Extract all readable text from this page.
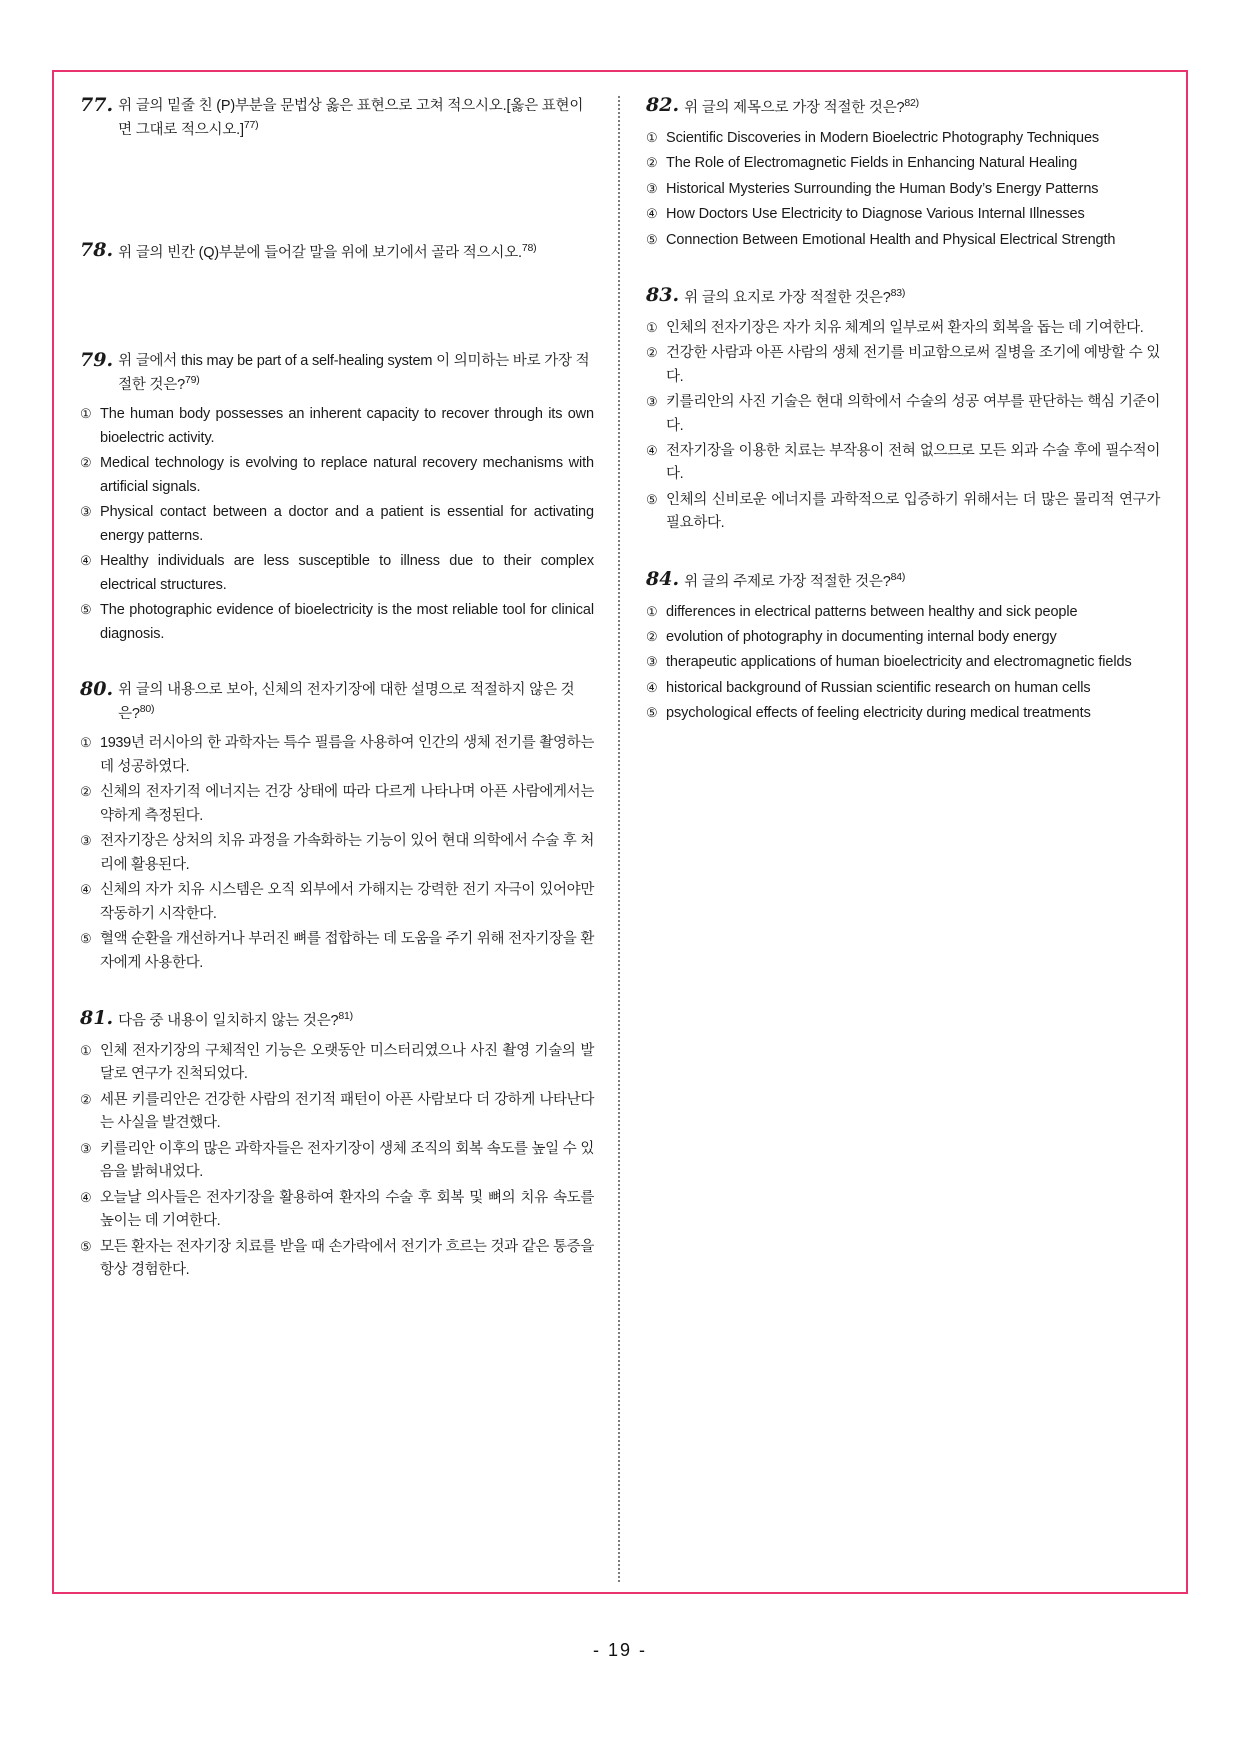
77. 위 글의 밑줄 친 (P)부분을 문법상 옳은 표현으로 고쳐 적으시오.[옳은 표현이면 그대로 적으시오.]$^{77)}$
78. 위 글의 빈칸 (Q)부분에 들어갈 말을 위에 보기에서 골라 적으시오.$^{78)}$
79. 위 글에서 this may be part of a self-healing system 이 의미하는 바로 가장 적절한 것은?$^{79)}$
① The human body possesses an inherent capacity to recover through its own bioelectric activity.
② Medical technology is evolving to replace natural recovery mechanisms with artificial signals.
③ Physical contact between a doctor and a patient is essential for activating energy patterns.
④ Healthy individuals are less susceptible to illness due to their complex electrical structures.
⑤ The photographic evidence of bioelectricity is the most reliable tool for clinical diagnosis.
80. 위 글의 내용으로 보아, 신체의 전자기장에 대한 설명으로 적절하지 않은 것은?$^{80)}$
① 1939년 러시아의 한 과학자는 특수 필름을 사용하여 인간의 생체 전기를 촬영하는 데 성공하였다.
② 신체의 전자기적 에너지는 건강 상태에 따라 다르게 나타나며 아픈 사람에게서는 약하게 측정된다.
③ 전자기장은 상처의 치유 과정을 가속화하는 기능이 있어 현대 의학에서 수술 후 처리에 활용된다.
④ 신체의 자가 치유 시스템은 오직 외부에서 가해지는 강력한 전기 자극이 있어야만 작동하기 시작한다.
⑤ 혈액 순환을 개선하거나 부러진 뼈를 접합하는 데 도움을 주기 위해 전자기장을 환자에게 사용한다.
81. 다음 중 내용이 일치하지 않는 것은?$^{81)}$
① 인체 전자기장의 구체적인 기능은 오랫동안 미스터리였으나 사진 촬영 기술의 발달로 연구가 진척되었다.
② 세묜 키를리안은 건강한 사람의 전기적 패턴이 아픈 사람보다 더 강하게 나타난다는 사실을 발견했다.
③ 키를리안 이후의 많은 과학자들은 전자기장이 생체 조직의 회복 속도를 높일 수 있음을 밝혀내었다.
④ 오늘날 의사들은 전자기장을 활용하여 환자의 수술 후 회복 및 뼈의 치유 속도를 높이는 데 기여한다.
⑤ 모든 환자는 전자기장 치료를 받을 때 손가락에서 전기가 흐르는 것과 같은 통증을 항상 경험한다.
82. 위 글의 제목으로 가장 적절한 것은?$^{82)}$
① Scientific Discoveries in Modern Bioelectric Photography Techniques
② The Role of Electromagnetic Fields in Enhancing Natural Healing
③ Historical Mysteries Surrounding the Human Body’s Energy Patterns
④ How Doctors Use Electricity to Diagnose Various Internal Illnesses
⑤ Connection Between Emotional Health and Physical Electrical Strength
83. 위 글의 요지로 가장 적절한 것은?$^{83)}$
① 인체의 전자기장은 자가 치유 체계의 일부로써 환자의 회복을 돕는 데 기여한다.
② 건강한 사람과 아픈 사람의 생체 전기를 비교함으로써 질병을 조기에 예방할 수 있다.
③ 키를리안의 사진 기술은 현대 의학에서 수술의 성공 여부를 판단하는 핵심 기준이다.
④ 전자기장을 이용한 치료는 부작용이 전혀 없으므로 모든 외과 수술 후에 필수적이다.
⑤ 인체의 신비로운 에너지를 과학적으로 입증하기 위해서는 더 많은 물리적 연구가 필요하다.
84. 위 글의 주제로 가장 적절한 것은?$^{84)}$
① differences in electrical patterns between healthy and sick people
② evolution of photography in documenting internal body energy
③ therapeutic applications of human bioelectricity and electromagnetic fields
④ historical background of Russian scientific research on human cells
⑤ psychological effects of feeling electricity during medical treatments
- 19 -
